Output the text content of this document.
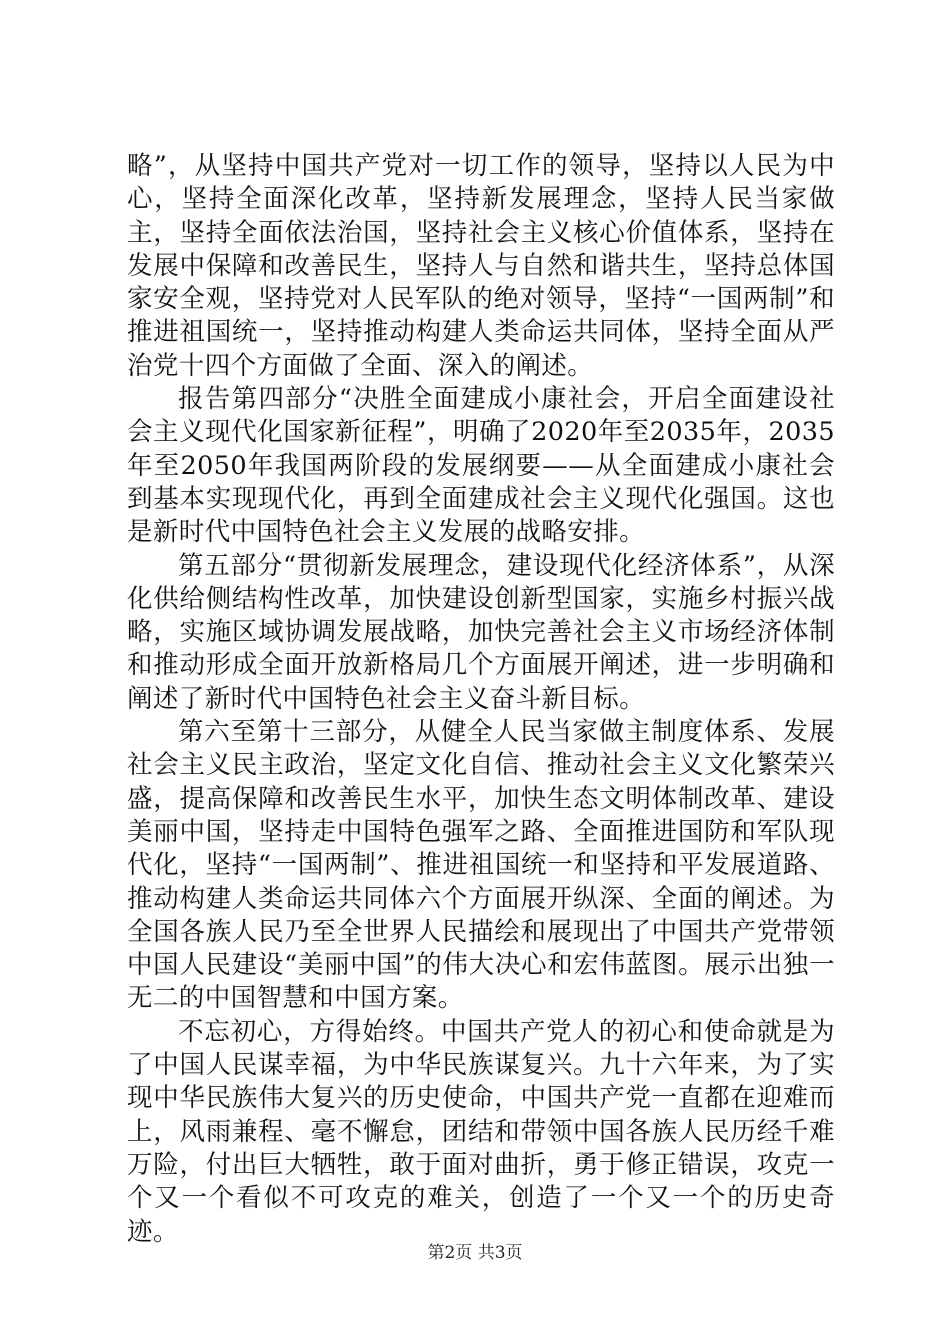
略”，从坚持中国共产党对一切工作的领导，坚持以人民为中心，坚持全面深化改革，坚持新发展理念，坚持人民当家做主，坚持全面依法治国，坚持社会主义核心价值体系，坚持在发展中保障和改善民生，坚持人与自然和谐共生，坚持总体国家安全观，坚持党对人民军队的绝对领导，坚持“一国两制”和推进祖国统一，坚持推动构建人类命运共同体，坚持全面从严治党十四个方面做了全面、深入的阐述。

报告第四部分“决胜全面建成小康社会，开启全面建设社会主义现代化国家新征程”，明确了2020年至2035年，2035年至2050年我国两阶段的发展纲要——从全面建成小康社会到基本实现现代化，再到全面建成社会主义现代化强国。这也是新时代中国特色社会主义发展的战略安排。

第五部分“贯彻新发展理念，建设现代化经济体系”，从深化供给侧结构性改革，加快建设创新型国家，实施乡村振兴战略，实施区域协调发展战略，加快完善社会主义市场经济体制和推动形成全面开放新格局几个方面展开阐述，进一步明确和阐述了新时代中国特色社会主义奋斗新目标。

第六至第十三部分，从健全人民当家做主制度体系、发展社会主义民主政治，坚定文化自信、推动社会主义文化繁荣兴盛，提高保障和改善民生水平，加快生态文明体制改革、建设美丽中国，坚持走中国特色强军之路、全面推进国防和军队现代化，坚持“一国两制”、推进祖国统一和坚持和平发展道路、推动构建人类命运共同体六个方面展开纵深、全面的阐述。为全国各族人民乃至全世界人民描绘和展现出了中国共产党带领中国人民建设“美丽中国”的伟大决心和宏伟蓝图。展示出独一无二的中国智慧和中国方案。

不忘初心，方得始终。中国共产党人的初心和使命就是为了中国人民谋幸福，为中华民族谋复兴。九十六年来，为了实现中华民族伟大复兴的历史使命，中国共产党一直都在迎难而上，风雨兼程、毫不懈怠，团结和带领中国各族人民历经千难万险，付出巨大牺牲，敢于面对曲折，勇于修正错误，攻克一个又一个看似不可攻克的难关，创造了一个又一个的历史奇迹。

第2页 共3页
